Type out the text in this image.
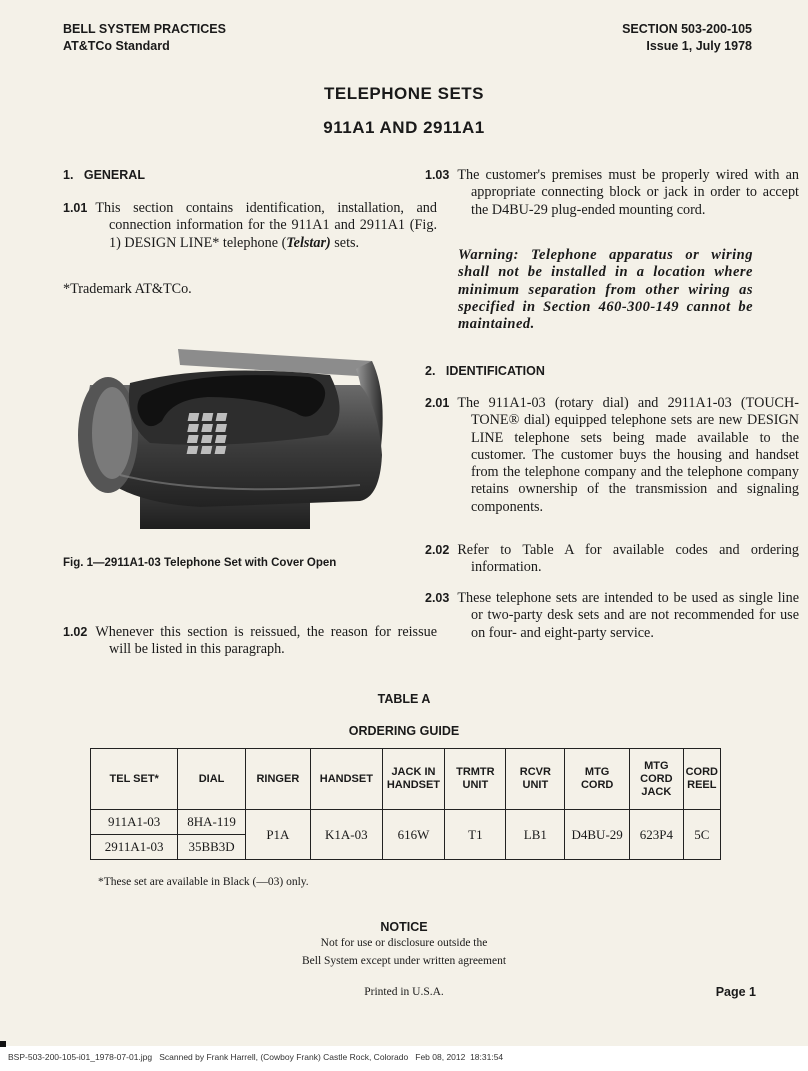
BELL SYSTEM PRACTICES
AT&TCo Standard
SECTION 503-200-105
Issue 1, July 1978
TELEPHONE SETS
911A1 AND 2911A1
1.   GENERAL
1.01 This section contains identification, installation, and connection information for the 911A1 and 2911A1 (Fig. 1) DESIGN LINE* telephone (Telstar) sets.
*Trademark AT&TCo.
Fig. 1—2911A1-03 Telephone Set with Cover Open
1.02 Whenever this section is reissued, the reason for reissue will be listed in this paragraph.
1.03 The customer's premises must be properly wired with an appropriate connecting block or jack in order to accept the D4BU-29 plug-ended mounting cord.
Warning: Telephone apparatus or wiring shall not be installed in a location where minimum separation from other wiring as specified in Section 460-300-149 cannot be maintained.
2.   IDENTIFICATION
2.01 The 911A1-03 (rotary dial) and 2911A1-03 (TOUCH-TONE® dial) equipped telephone sets are new DESIGN LINE telephone sets being made available to the customer. The customer buys the housing and handset from the telephone company and the telephone company retains ownership of the transmission and signaling components.
2.02 Refer to Table A for available codes and ordering information.
2.03 These telephone sets are intended to be used as single line or two-party desk sets and are not recommended for use on four- and eight-party service.
TABLE A
ORDERING GUIDE
TEL SET*	DIAL	RINGER	HANDSET	JACK IN HANDSET	TRMTR UNIT	RCVR UNIT	MTG CORD	MTG CORD JACK	CORD REEL
911A1-03	8HA-119	P1A	K1A-03	616W	T1	LB1	D4BU-29	623P4	5C
2911A1-03	35BB3D								
*These set are available in Black (—03) only.
NOTICE
Not for use or disclosure outside the
Bell System except under written agreement
Printed in U.S.A.	Page 1
BSP-503-200-105-i01_1978-07-01.jpg   Scanned by Frank Harrell, (Cowboy Frank) Castle Rock, Colorado   Feb 08, 2012  18:31:54
